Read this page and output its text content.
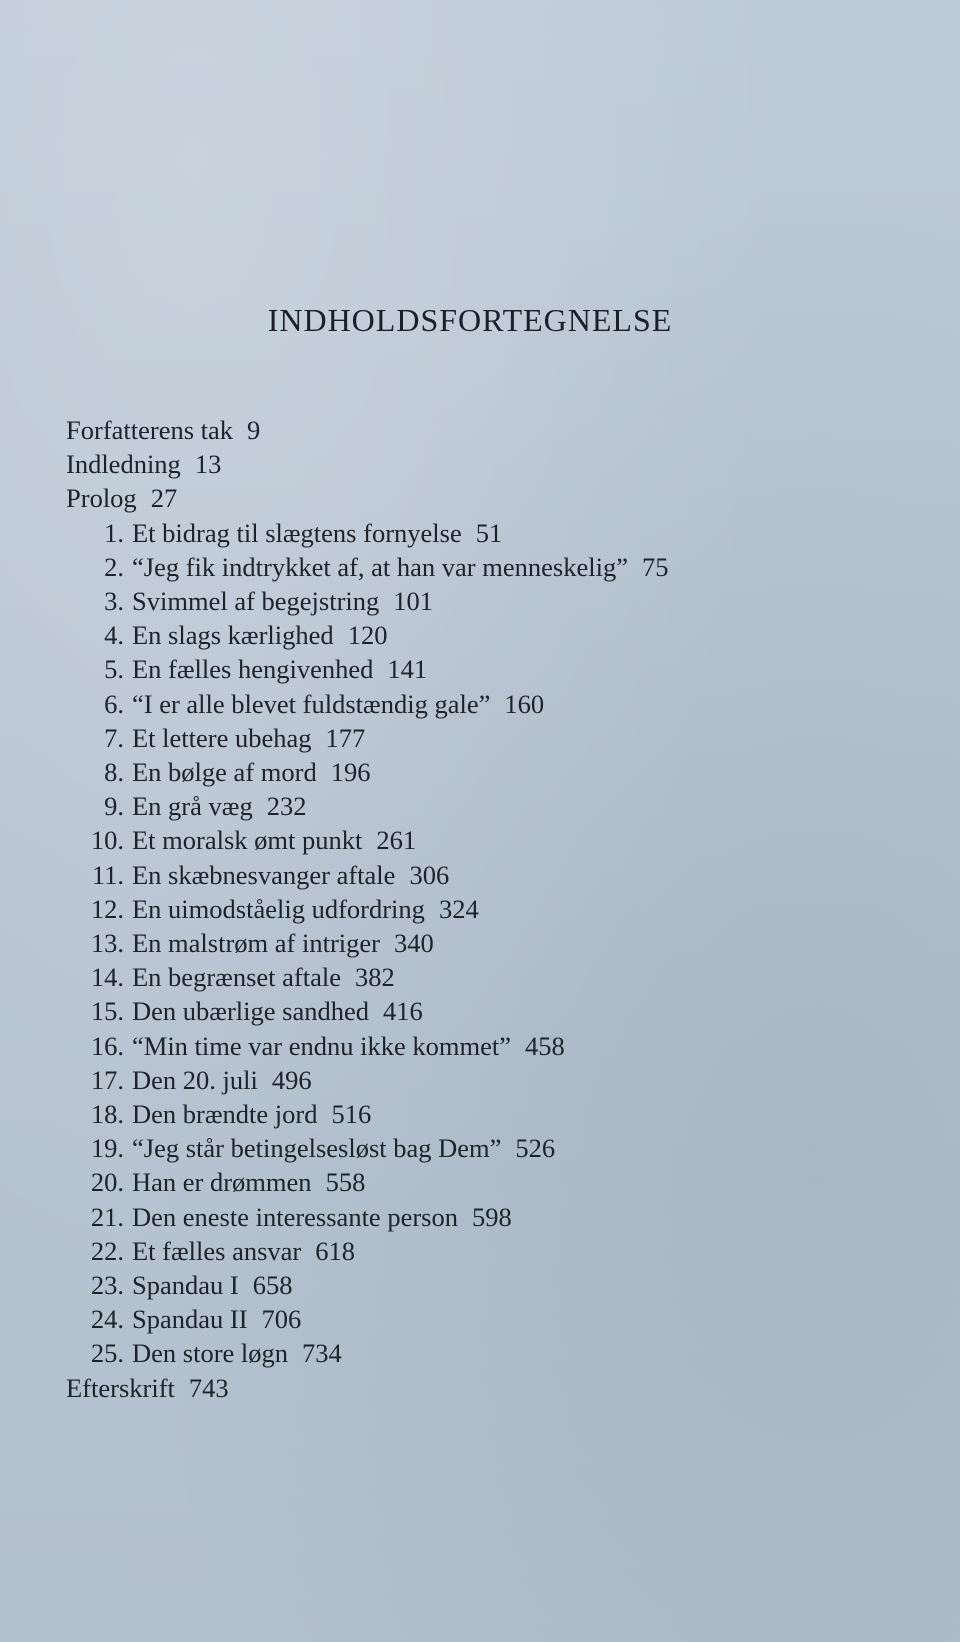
INDHOLDSFORTEGNELSE
Forfatterens tak 9
Indledning 13
Prolog 27
1. Et bidrag til slægtens fornyelse 51
2. “Jeg fik indtrykket af, at han var menneskelig” 75
3. Svimmel af begejstring 101
4. En slags kærlighed 120
5. En fælles hengivenhed 141
6. “I er alle blevet fuldstændig gale” 160
7. Et lettere ubehag 177
8. En bølge af mord 196
9. En grå væg 232
10. Et moralsk ømt punkt 261
11. En skæbnesvanger aftale 306
12. En uimodståelig udfordring 324
13. En malstrøm af intriger 340
14. En begrænset aftale 382
15. Den ubærlige sandhed 416
16. “Min time var endnu ikke kommet” 458
17. Den 20. juli 496
18. Den brændte jord 516
19. “Jeg står betingelsesløst bag Dem” 526
20. Han er drømmen 558
21. Den eneste interessante person 598
22. Et fælles ansvar 618
23. Spandau I 658
24. Spandau II 706
25. Den store løgn 734
Efterskrift 743
